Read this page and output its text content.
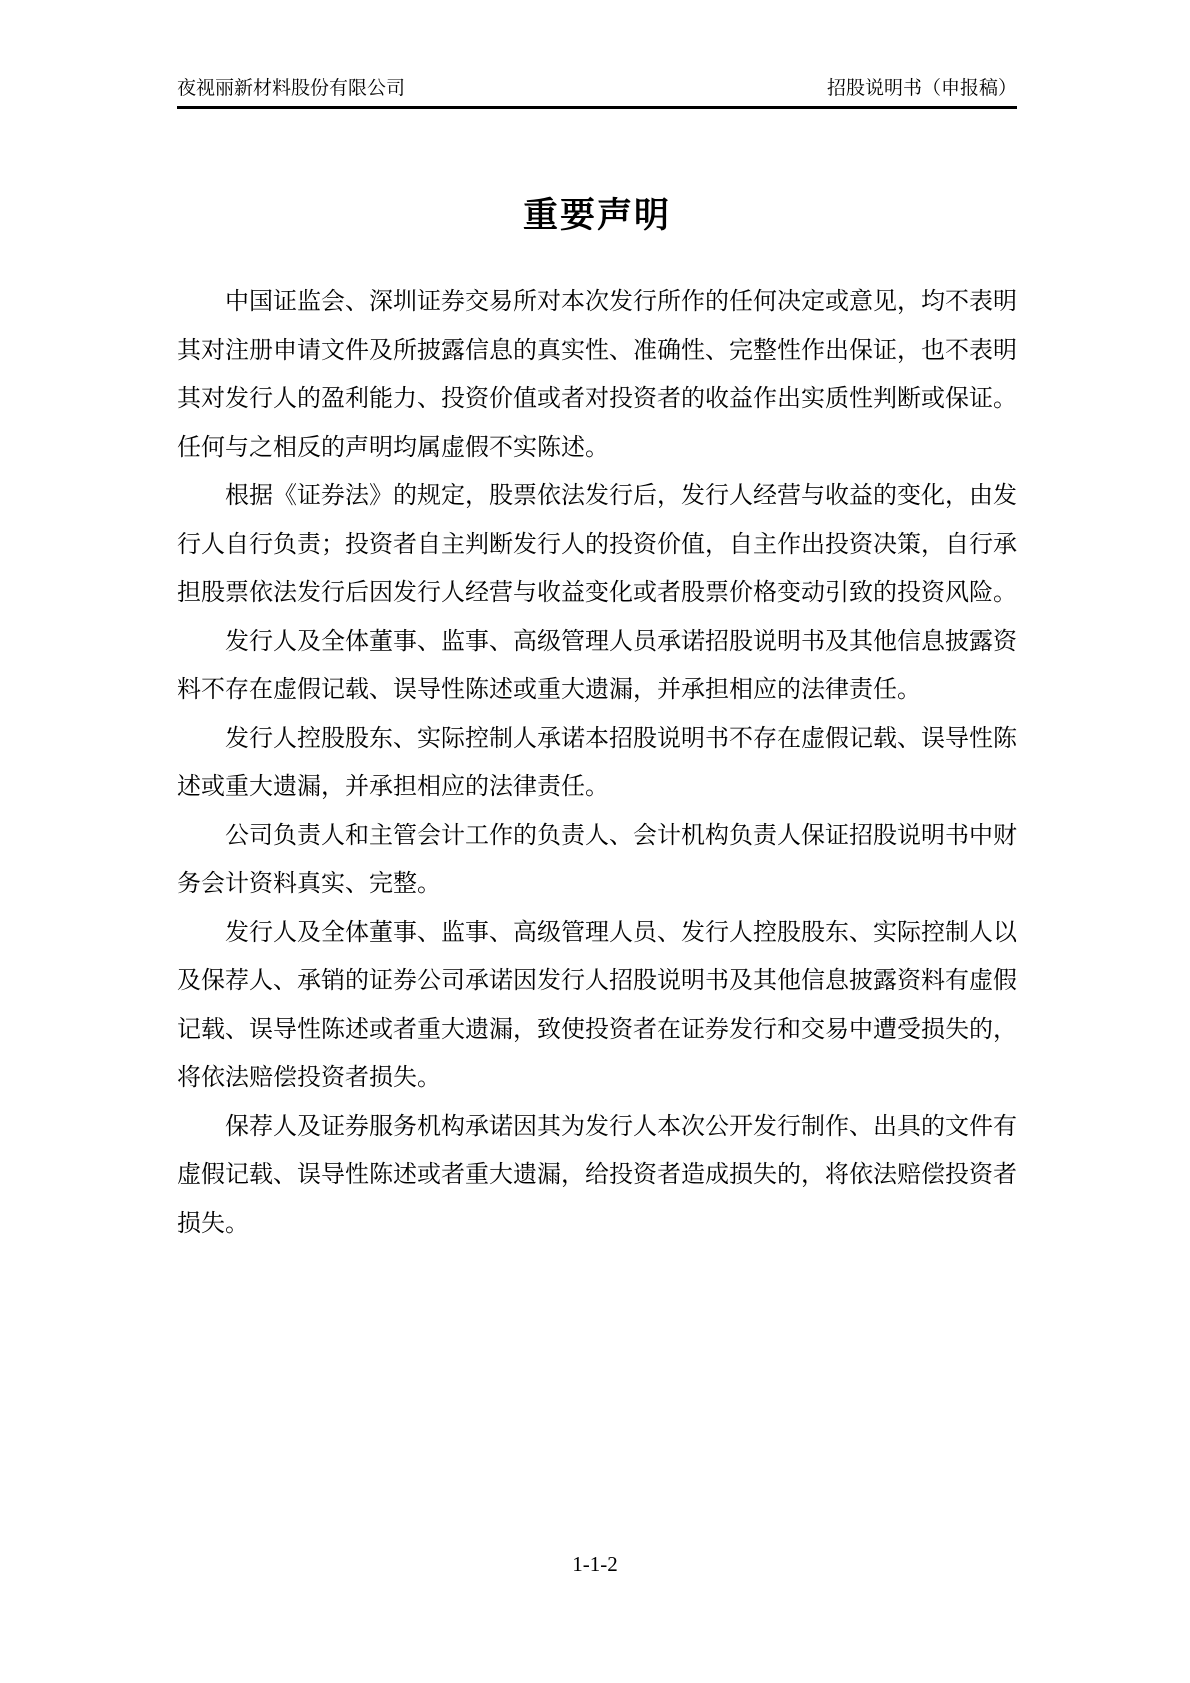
夜视丽新材料股份有限公司	招股说明书（申报稿）
重要声明

中国证监会、深圳证券交易所对本次发行所作的任何决定或意见，均不表明其对注册申请文件及所披露信息的真实性、准确性、完整性作出保证，也不表明其对发行人的盈利能力、投资价值或者对投资者的收益作出实质性判断或保证。任何与之相反的声明均属虚假不实陈述。

根据《证券法》的规定，股票依法发行后，发行人经营与收益的变化，由发行人自行负责；投资者自主判断发行人的投资价值，自主作出投资决策，自行承担股票依法发行后因发行人经营与收益变化或者股票价格变动引致的投资风险。

发行人及全体董事、监事、高级管理人员承诺招股说明书及其他信息披露资料不存在虚假记载、误导性陈述或重大遗漏，并承担相应的法律责任。

发行人控股股东、实际控制人承诺本招股说明书不存在虚假记载、误导性陈述或重大遗漏，并承担相应的法律责任。

公司负责人和主管会计工作的负责人、会计机构负责人保证招股说明书中财务会计资料真实、完整。

发行人及全体董事、监事、高级管理人员、发行人控股股东、实际控制人以及保荐人、承销的证券公司承诺因发行人招股说明书及其他信息披露资料有虚假记载、误导性陈述或者重大遗漏，致使投资者在证券发行和交易中遭受损失的，将依法赔偿投资者损失。

保荐人及证券服务机构承诺因其为发行人本次公开发行制作、出具的文件有虚假记载、误导性陈述或者重大遗漏，给投资者造成损失的，将依法赔偿投资者损失。

1-1-2
